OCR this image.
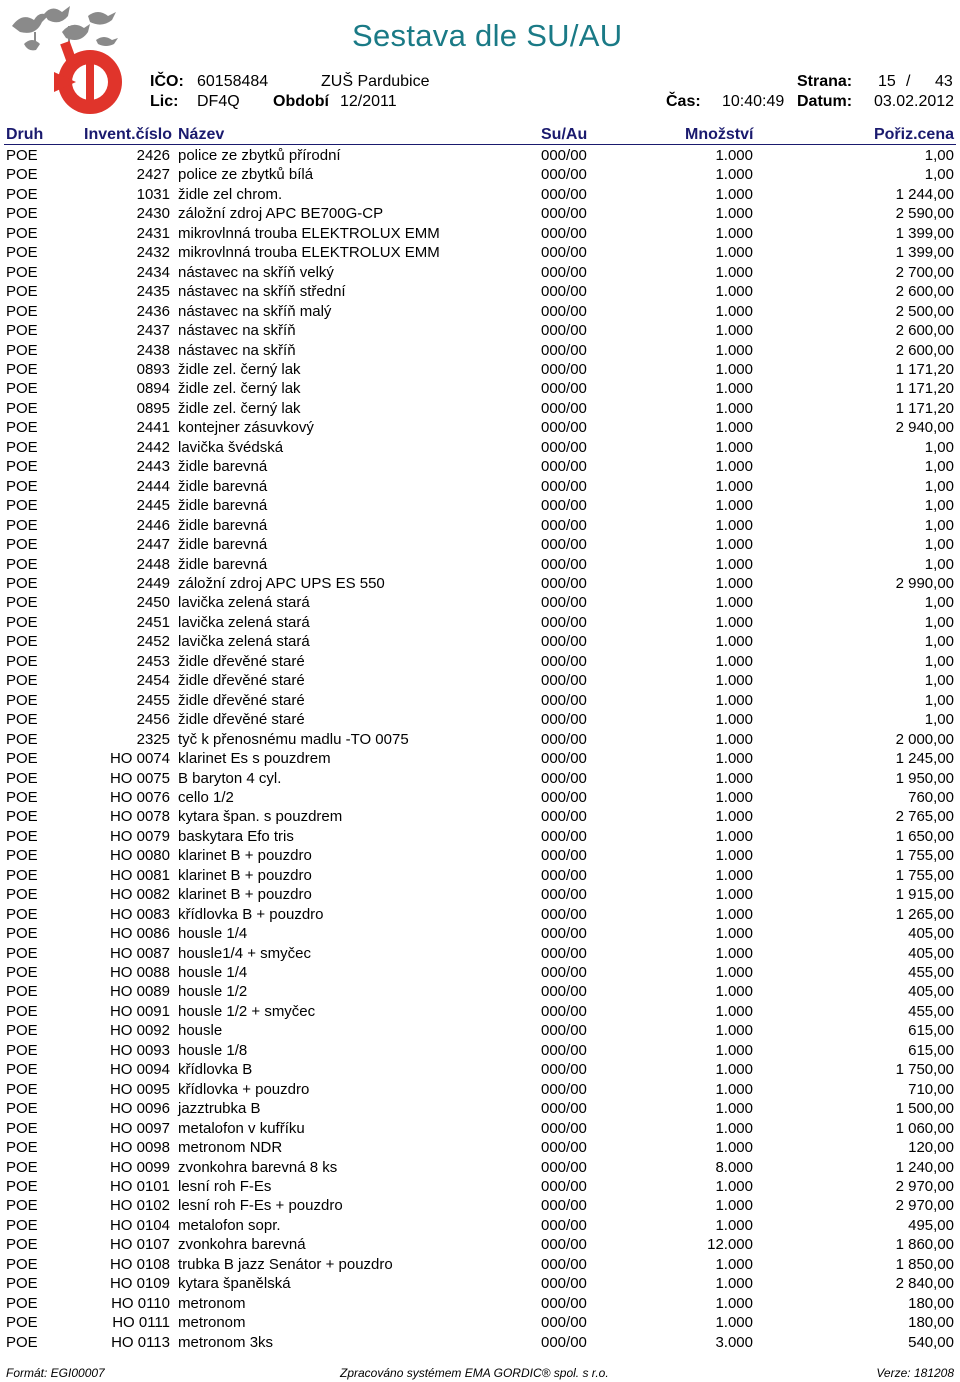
Sestava dle SU/AU
IČO: 60158484	ZUŠ Pardubice	Strana: 15 / 43
Lic: DF4Q Období 12/2011	Čas: 10:40:49 Datum: 03.02.2012
Druh	Invent.číslo Název	Su/Au	Množství	Pořiz.cena
POE	2426 police ze zbytků přírodní	000/00	1.000	1,00
POE	2427 police ze zbytků bílá	000/00	1.000	1,00
POE	1031 židle zel chrom.	000/00	1.000	1 244,00
POE	2430 záložní zdroj APC BE700G-CP	000/00	1.000	2 590,00
POE	2431 mikrovlnná trouba ELEKTROLUX EMM	000/00	1.000	1 399,00
POE	2432 mikrovlnná trouba ELEKTROLUX EMM	000/00	1.000	1 399,00
POE	2434 nástavec na skříň velký	000/00	1.000	2 700,00
POE	2435 nástavec na skříň střední	000/00	1.000	2 600,00
POE	2436 nástavec na skříň malý	000/00	1.000	2 500,00
POE	2437 nástavec na skříň	000/00	1.000	2 600,00
POE	2438 nástavec na skříň	000/00	1.000	2 600,00
POE	0893 židle zel. černý lak	000/00	1.000	1 171,20
POE	0894 židle zel. černý lak	000/00	1.000	1 171,20
POE	0895 židle zel. černý lak	000/00	1.000	1 171,20
POE	2441 kontejner zásuvkový	000/00	1.000	2 940,00
POE	2442 lavička švédská	000/00	1.000	1,00
POE	2443 židle barevná	000/00	1.000	1,00
POE	2444 židle barevná	000/00	1.000	1,00
POE	2445 židle barevná	000/00	1.000	1,00
POE	2446 židle barevná	000/00	1.000	1,00
POE	2447 židle barevná	000/00	1.000	1,00
POE	2448 židle barevná	000/00	1.000	1,00
POE	2449 záložní zdroj APC UPS ES 550	000/00	1.000	2 990,00
POE	2450 lavička zelená stará	000/00	1.000	1,00
POE	2451 lavička zelená stará	000/00	1.000	1,00
POE	2452 lavička zelená stará	000/00	1.000	1,00
POE	2453 židle dřevěné staré	000/00	1.000	1,00
POE	2454 židle dřevěné staré	000/00	1.000	1,00
POE	2455 židle dřevěné staré	000/00	1.000	1,00
POE	2456 židle dřevěné staré	000/00	1.000	1,00
POE	2325 tyč k přenosnému madlu -TO 0075	000/00	1.000	2 000,00
POE	HO 0074 klarinet Es s pouzdrem	000/00	1.000	1 245,00
POE	HO 0075 B baryton 4 cyl.	000/00	1.000	1 950,00
POE	HO 0076 cello 1/2	000/00	1.000	760,00
POE	HO 0078 kytara špan. s pouzdrem	000/00	1.000	2 765,00
POE	HO 0079 baskytara Efo tris	000/00	1.000	1 650,00
POE	HO 0080 klarinet B + pouzdro	000/00	1.000	1 755,00
POE	HO 0081 klarinet B + pouzdro	000/00	1.000	1 755,00
POE	HO 0082 klarinet B + pouzdro	000/00	1.000	1 915,00
POE	HO 0083 křídlovka B + pouzdro	000/00	1.000	1 265,00
POE	HO 0086 housle 1/4	000/00	1.000	405,00
POE	HO 0087 housle1/4 + smyčec	000/00	1.000	405,00
POE	HO 0088 housle 1/4	000/00	1.000	455,00
POE	HO 0089 housle 1/2	000/00	1.000	405,00
POE	HO 0091 housle 1/2 + smyčec	000/00	1.000	455,00
POE	HO 0092 housle	000/00	1.000	615,00
POE	HO 0093 housle 1/8	000/00	1.000	615,00
POE	HO 0094 křídlovka B	000/00	1.000	1 750,00
POE	HO 0095 křídlovka + pouzdro	000/00	1.000	710,00
POE	HO 0096 jazztrubka B	000/00	1.000	1 500,00
POE	HO 0097 metalofon v kufříku	000/00	1.000	1 060,00
POE	HO 0098 metronom NDR	000/00	1.000	120,00
POE	HO 0099 zvonkohra barevná 8 ks	000/00	8.000	1 240,00
POE	HO 0101 lesní roh F-Es	000/00	1.000	2 970,00
POE	HO 0102 lesní roh F-Es + pouzdro	000/00	1.000	2 970,00
POE	HO 0104 metalofon sopr.	000/00	1.000	495,00
POE	HO 0107 zvonkohra barevná	000/00	12.000	1 860,00
POE	HO 0108 trubka B jazz Senátor + pouzdro	000/00	1.000	1 850,00
POE	HO 0109 kytara španělská	000/00	1.000	2 840,00
POE	HO 0110 metronom	000/00	1.000	180,00
POE	HO 0111 metronom	000/00	1.000	180,00
POE	HO 0113 metronom 3ks	000/00	3.000	540,00
Formát: EGI00007	Zpracováno systémem EMA GORDIC® spol. s r.o.	Verze: 181208
